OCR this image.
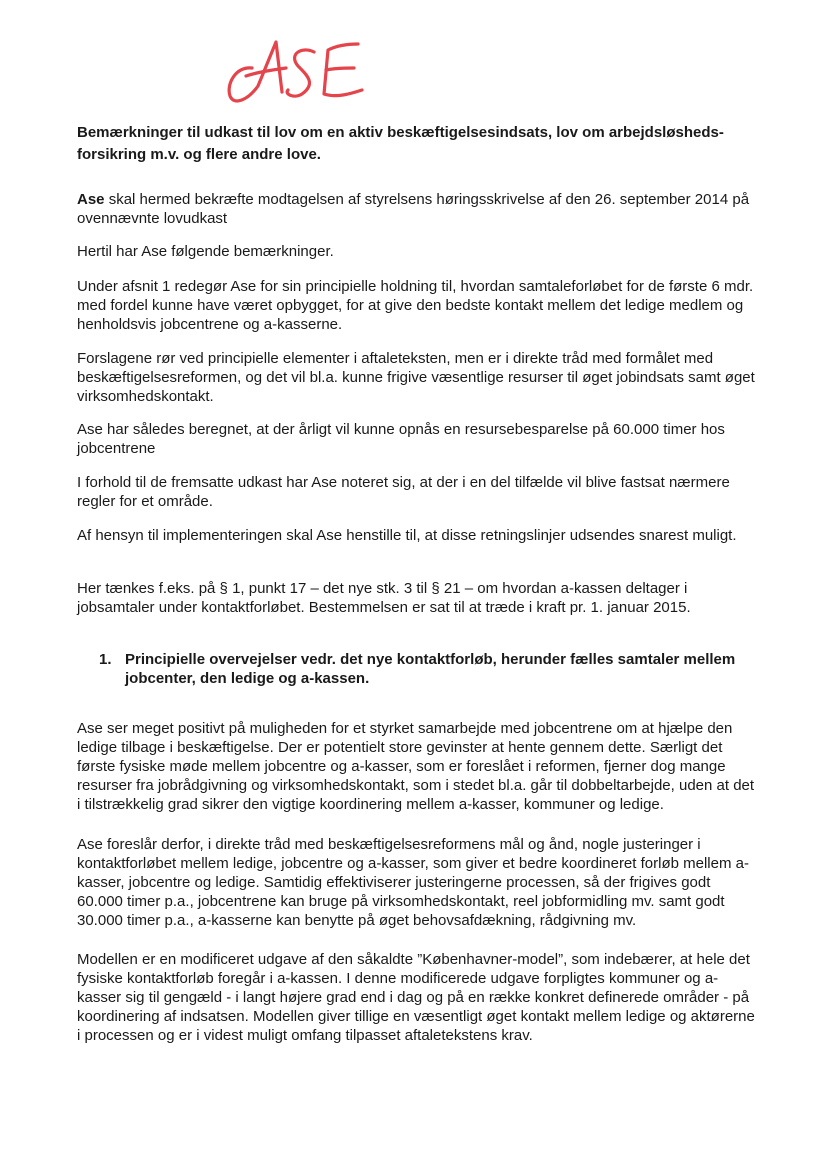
Bemærkninger til udkast til lov om en aktiv beskæftigelsesindsats, lov om arbejdsløsheds-forsikring m.v. og flere andre love.

Ase skal hermed bekræfte modtagelsen af styrelsens høringsskrivelse af den 26. september 2014 på ovennævnte lovudkast

Hertil har Ase følgende bemærkninger.

Under afsnit 1 redegør Ase for sin principielle holdning til, hvordan samtaleforløbet for de første 6 mdr. med fordel kunne have været opbygget, for at give den bedste kontakt mellem det ledige medlem og henholdsvis jobcentrene og a-kasserne.

Forslagene rør ved principielle elementer i aftaleteksten, men er i direkte tråd med formålet med beskæftigelsesreformen, og det vil bl.a. kunne frigive væsentlige resurser til øget jobindsats samt øget virksomhedskontakt.

Ase har således beregnet, at der årligt vil kunne opnås en resursebesparelse på 60.000 timer hos jobcentrene

I forhold til de fremsatte udkast har Ase noteret sig, at der i en del tilfælde vil blive fastsat nærmere regler for et område.

Af hensyn til implementeringen skal Ase henstille til, at disse retningslinjer udsendes snarest muligt.

Her tænkes f.eks. på § 1, punkt 17 – det nye stk. 3 til § 21 – om hvordan a-kassen deltager i jobsamtaler under kontaktforløbet. Bestemmelsen er sat til at træde i kraft pr. 1. januar 2015.

1. Principielle overvejelser vedr. det nye kontaktforløb, herunder fælles samtaler mellem jobcenter, den ledige og a-kassen.

Ase ser meget positivt på muligheden for et styrket samarbejde med jobcentrene om at hjælpe den ledige tilbage i beskæftigelse. Der er potentielt store gevinster at hente gennem dette. Særligt det første fysiske møde mellem jobcentre og a-kasser, som er foreslået i reformen, fjerner dog mange resurser fra jobrådgivning og virksomhedskontakt, som i stedet bl.a. går til dobbeltarbejde, uden at det i tilstrækkelig grad sikrer den vigtige koordinering mellem a-kasser, kommuner og ledige.

Ase foreslår derfor, i direkte tråd med beskæftigelsesreformens mål og ånd, nogle justeringer i kontaktforløbet mellem ledige, jobcentre og a-kasser, som giver et bedre koordineret forløb mellem a-kasser, jobcentre og ledige. Samtidig effektiviserer justeringerne processen, så der frigives godt 60.000 timer p.a., jobcentrene kan bruge på virksomhedskontakt, reel jobformidling mv. samt godt 30.000 timer p.a., a-kasserne kan benytte på øget behovsafdækning, rådgivning mv.

Modellen er en modificeret udgave af den såkaldte ”Københavner-model”, som indebærer, at hele det fysiske kontaktforløb foregår i a-kassen. I denne modificerede udgave forpligtes kommuner og a-kasser sig til gengæld - i langt højere grad end i dag og på en række konkret definerede områder - på koordinering af indsatsen. Modellen giver tillige en væsentligt øget kontakt mellem ledige og aktørerne i processen og er i videst muligt omfang tilpasset aftaletekstens krav.
